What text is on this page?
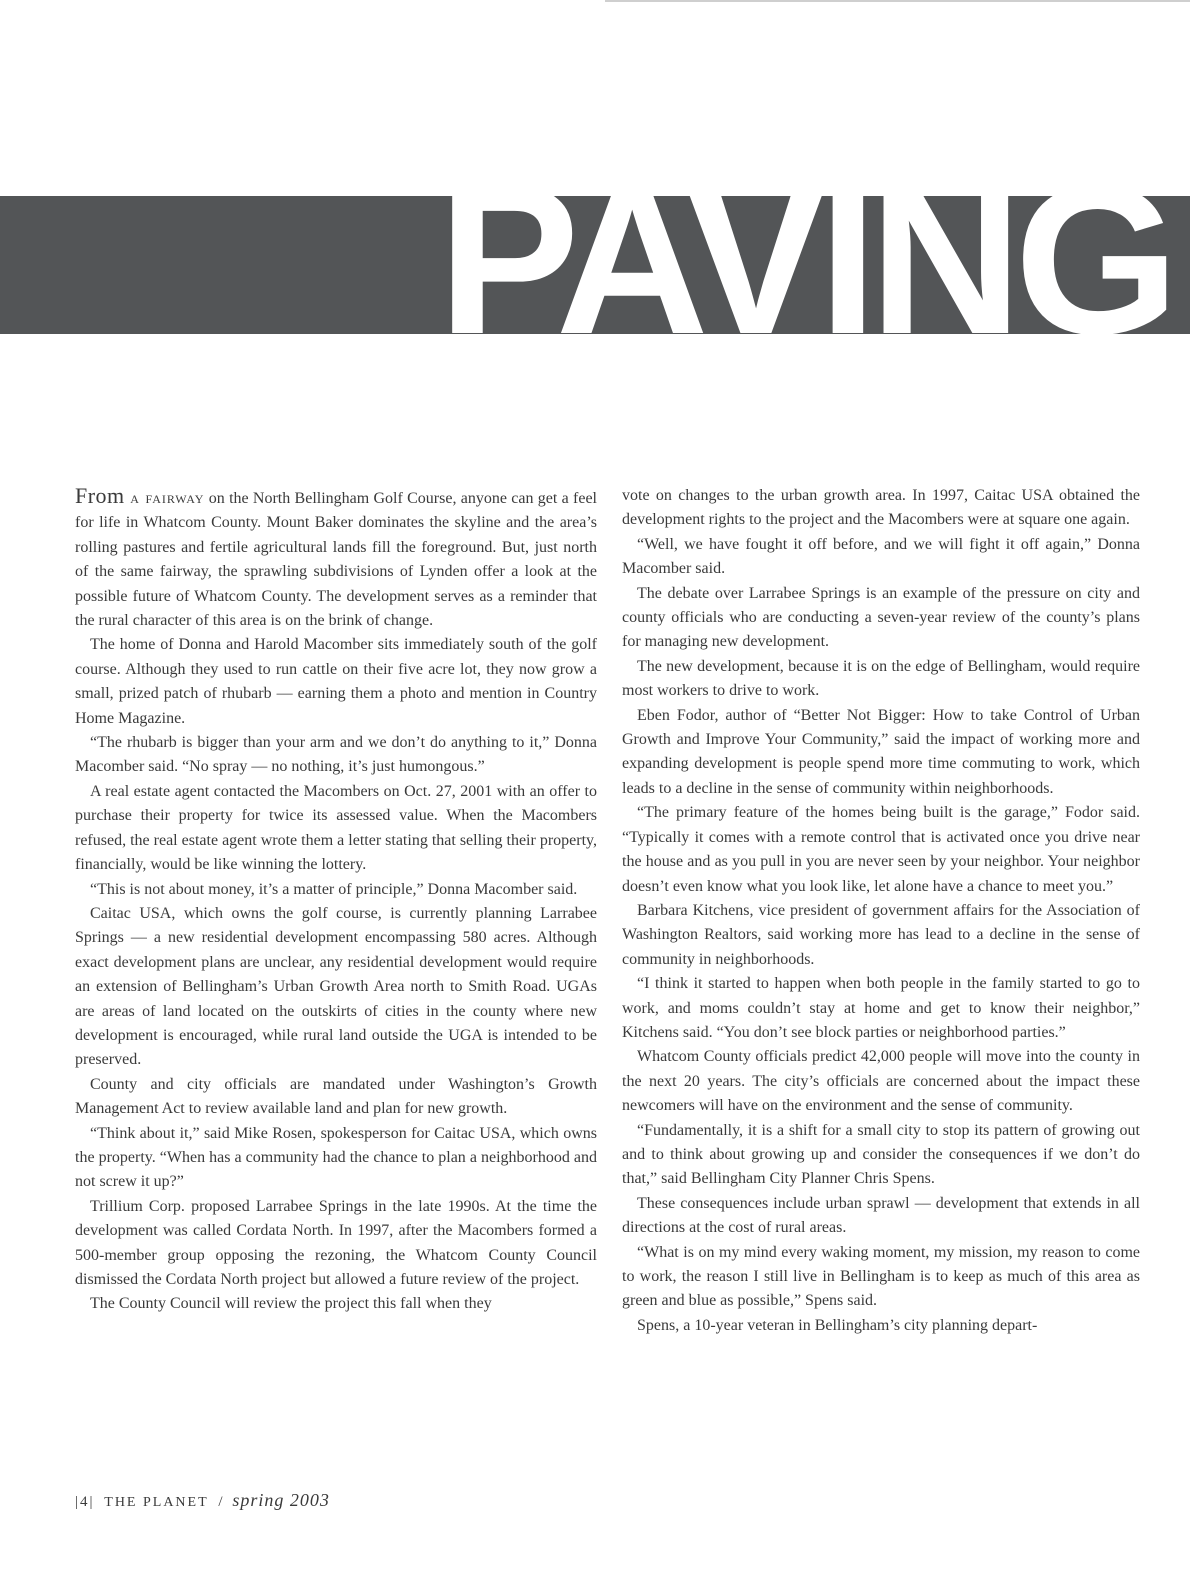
PAVING

From a fairway on the North Bellingham Golf Course, anyone can get a feel for life in Whatcom County. Mount Baker dominates the skyline and the area’s rolling pastures and fertile agricultural lands fill the foreground. But, just north of the same fairway, the sprawling subdivisions of Lynden offer a look at the possible future of Whatcom County. The development serves as a reminder that the rural character of this area is on the brink of change.

The home of Donna and Harold Macomber sits immediately south of the golf course. Although they used to run cattle on their five acre lot, they now grow a small, prized patch of rhubarb — earning them a photo and mention in Country Home Magazine.

“The rhubarb is bigger than your arm and we don’t do anything to it,” Donna Macomber said. “No spray — no nothing, it’s just humongous.”

A real estate agent contacted the Macombers on Oct. 27, 2001 with an offer to purchase their property for twice its assessed value. When the Macombers refused, the real estate agent wrote them a letter stating that selling their property, financially, would be like winning the lottery.

“This is not about money, it’s a matter of principle,” Donna Macomber said.

Caitac USA, which owns the golf course, is currently planning Larrabee Springs — a new residential development encompassing 580 acres. Although exact development plans are unclear, any residential development would require an extension of Bellingham’s Urban Growth Area north to Smith Road. UGAs are areas of land located on the outskirts of cities in the county where new development is encouraged, while rural land outside the UGA is intended to be preserved.

County and city officials are mandated under Washington’s Growth Management Act to review available land and plan for new growth.

“Think about it,” said Mike Rosen, spokesperson for Caitac USA, which owns the property. “When has a community had the chance to plan a neighborhood and not screw it up?”

Trillium Corp. proposed Larrabee Springs in the late 1990s. At the time the development was called Cordata North. In 1997, after the Macombers formed a 500-member group opposing the rezoning, the Whatcom County Council dismissed the Cordata North project but allowed a future review of the project.

The County Council will review the project this fall when they

vote on changes to the urban growth area. In 1997, Caitac USA obtained the development rights to the project and the Macombers were at square one again.

“Well, we have fought it off before, and we will fight it off again,” Donna Macomber said.

The debate over Larrabee Springs is an example of the pressure on city and county officials who are conducting a seven-year review of the county’s plans for managing new development.

The new development, because it is on the edge of Bellingham, would require most workers to drive to work.

Eben Fodor, author of “Better Not Bigger: How to take Control of Urban Growth and Improve Your Community,” said the impact of working more and expanding development is people spend more time commuting to work, which leads to a decline in the sense of community within neighborhoods.

“The primary feature of the homes being built is the garage,” Fodor said. “Typically it comes with a remote control that is activated once you drive near the house and as you pull in you are never seen by your neighbor. Your neighbor doesn’t even know what you look like, let alone have a chance to meet you.”

Barbara Kitchens, vice president of government affairs for the Association of Washington Realtors, said working more has lead to a decline in the sense of community in neighborhoods.

“I think it started to happen when both people in the family started to go to work, and moms couldn’t stay at home and get to know their neighbor,” Kitchens said. “You don’t see block parties or neighborhood parties.”

Whatcom County officials predict 42,000 people will move into the county in the next 20 years. The city’s officials are concerned about the impact these newcomers will have on the environment and the sense of community.

“Fundamentally, it is a shift for a small city to stop its pattern of growing out and to think about growing up and consider the consequences if we don’t do that,” said Bellingham City Planner Chris Spens.

These consequences include urban sprawl — development that extends in all directions at the cost of rural areas.

“What is on my mind every waking moment, my mission, my reason to come to work, the reason I still live in Bellingham is to keep as much of this area as green and blue as possible,” Spens said.

Spens, a 10-year veteran in Bellingham’s city planning depart-

|4| THE PLANET / spring 2003
